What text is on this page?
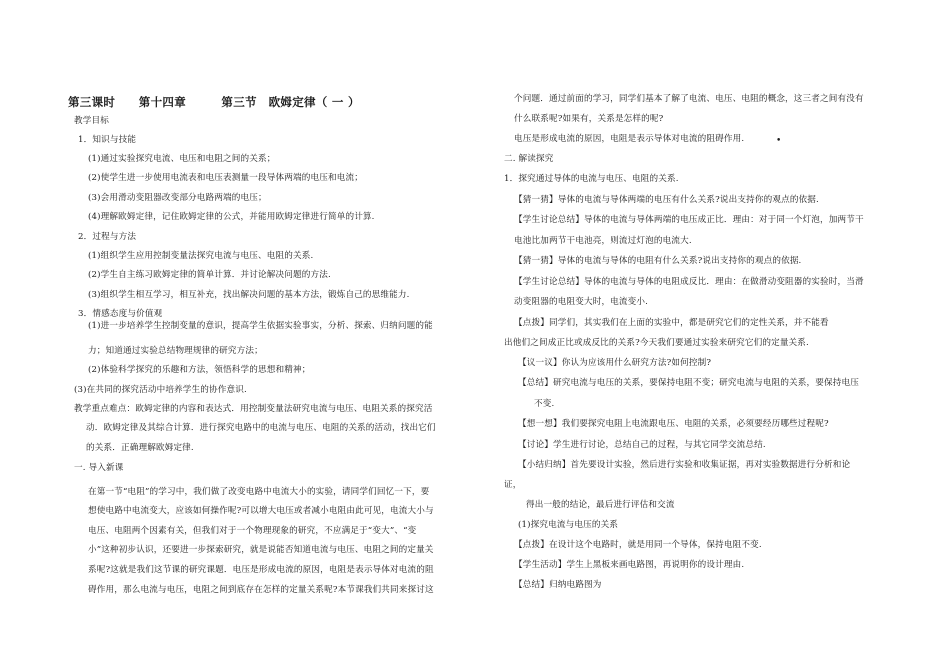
第三课时　　第十四章　　　第三节　欧姆定律（ 一 ）
教学目标
1．知识与技能
(1)通过实验探究电流、电压和电阻之间的关系；
(2)使学生进一步使用电流表和电压表测量一段导体两端的电压和电流；
(3)会用滑动变阻器改变部分电路两端的电压；
(4)理解欧姆定律，记住欧姆定律的公式，并能用欧姆定律进行简单的计算.
2．过程与方法
(1)组织学生应用控制变量法探究电流与电压、电阻的关系.
(2)学生自主练习欧姆定律的简单计算．并讨论解决问题的方法.
(3)组织学生相互学习，相互补充，找出解决问题的基本方法，锻炼自己的思维能力.
3．情感态度与价值观
(1)进一步培养学生控制变量的意识，提高学生依据实验事实，分析、探索、归纳问题的能
力；知道通过实验总结物理规律的研究方法；
(2)体验科学探究的乐趣和方法，领悟科学的思想和精神；
(3)在共同的探究活动中培养学生的协作意识.
教学重点难点：欧姆定律的内容和表达式．用控制变量法研究电流与电压、电阻关系的探究活
动．欧姆定律及其综合计算．进行探究电路中的电流与电压、电阻的关系的活动，找出它们
的关系．正确理解欧姆定律.
一. 导入新课
在第一节“电阻”的学习中，我们做了改变电路中电流大小的实验，请同学们回忆一下，要
想使电路中电流变大，应该如何操作呢?可以增大电压或者减小电阻由此可见，电流大小与
电压、电阻两个因素有关，但我们对于一个物理现象的研究，不应满足于“变大”、“变
小”这种初步认识，还要进一步探索研究，就是说能否知道电流与电压、电阻之间的定量关
系呢?这就是我们这节课的研究课题．电压是形成电流的原因，电阻是表示导体对电流的阻
碍作用，那么电流与电压，电阻之间到底存在怎样的定量关系呢?本节课我们共同来探讨这
个问题．通过前面的学习，同学们基本了解了电流、电压、电阻的概念，这三者之间有没有
什么联系呢?如果有，关系是怎样的呢?
电压是形成电流的原因，电阻是表示导体对电流的阻碍作用.
二. 解读探究
1．探究通过导体的电流与电压、电阻的关系.
【猜一猜】导体的电流与导体两端的电压有什么关系?说出支持你的观点的依据.
【学生讨论总结】导体的电流与导体两端的电压成正比．理由：对于同一个灯泡，加两节干
电池比加两节干电池亮，则流过灯泡的电流大.
【猜一猜】导体的电流与导体的电阻有什么关系?说出支持你的观点的依据.
【学生讨论总结】导体的电流与导体的电阻成反比．理由：在做滑动变阻器的实验时，当滑
动变阻器的电阻变大时，电流变小.
【点拨】同学们，其实我们在上面的实验中，都是研究它们的定性关系，并不能看
出他们之间成正比或成反比的关系?今天我们要通过实验来研究它们的定量关系.
【议一议】你认为应该用什么研究方法?如何控制?
【总结】研究电流与电压的关系，要保持电阻不变；研究电流与电阻的关系，要保持电压
不变.
【想一想】我们要探究电阻上电流跟电压、电阻的关系，必须要经历哪些过程呢?
【讨论】学生进行讨论，总结自己的过程，与其它同学交流总结.
【小结归纳】首先要设计实验，然后进行实验和收集证据，再对实验数据进行分析和论
证，
得出一般的结论，最后进行评估和交流
(1)探究电流与电压的关系
【点拨】在设计这个电路时，就是用同一个导体，保持电阻不变.
【学生活动】学生上黑板来画电路图，再说明你的设计理由.
【总结】归纳电路图为
•
